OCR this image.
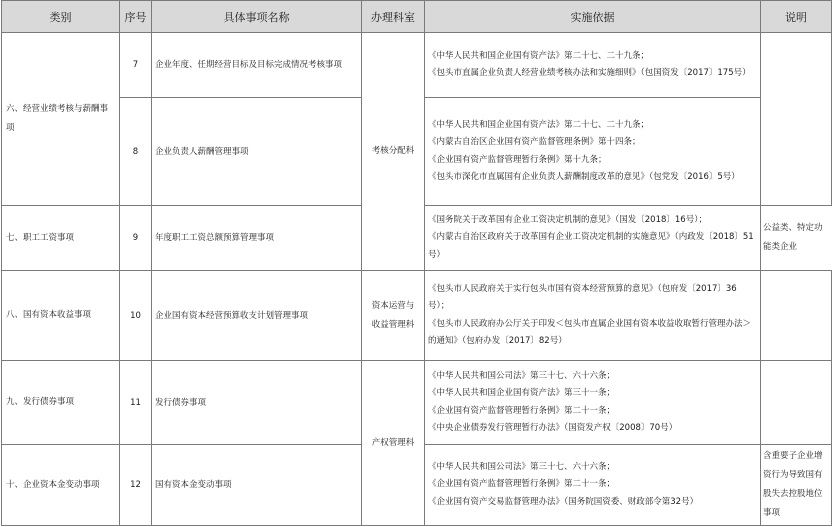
类别	序号	具体事项名称	办理科室	实施依据	说明
六、经营业绩考核与薪酬事项	7	企业年度、任期经营目标及目标完成情况考核事项	考核分配科	《中华人民共和国企业国有资产法》第二十七、二十九条；
《包头市直属企业负责人经营业绩考核办法和实施细则》（包国资发〔2017〕175号）	

	8	企业负责人薪酬管理事项		《中华人民共和国企业国有资产法》第二十七、二十九条；
《内蒙古自治区企业国有资产监督管理条例》第十四条；
《企业国有资产监督管理暂行条例》第十九条；
《包头市深化市直属国有企业负责人薪酬制度改革的意见》（包党发〔2016〕5号）	

七、职工工资事项	9	年度职工工资总额预算管理事项		《国务院关于改革国有企业工资决定机制的意见》（国发〔2018〕16号）；
《内蒙古自治区政府关于改革国有企业工资决定机制的实施意见》（内政发〔2018〕51号）	公益类、特定功能类企业
八、国有资本收益事项	10	企业国有资本经营预算收支计划管理事项	资本运营与收益管理科	《包头市人民政府关于实行包头市国有资本经营预算的意见》（包府发〔2017〕36号）；
《包头市人民政府办公厅关于印发＜包头市直属企业国有资本收益收取暂行管理办法＞的通知》（包府办发〔2017〕82号）	

九、发行债券事项	11	发行债券事项	产权管理科	《中华人民共和国公司法》第三十七、六十六条；
《中华人民共和国企业国有资产法》第三十一条；
《企业国有资产监督管理暂行条例》第二十一条；
《中央企业债券发行管理暂行办法》（国资发产权〔2008〕70号）	

十、企业资本金变动事项	12	国有资本金变动事项		《中华人民共和国公司法》第三十七、六十六条；
《企业国有资产监督管理暂行条例》第二十一条；
《企业国有资产交易监督管理办法》（国务院国资委、财政部令第32号）	含重要子企业增资行为导致国有股失去控股地位事项
